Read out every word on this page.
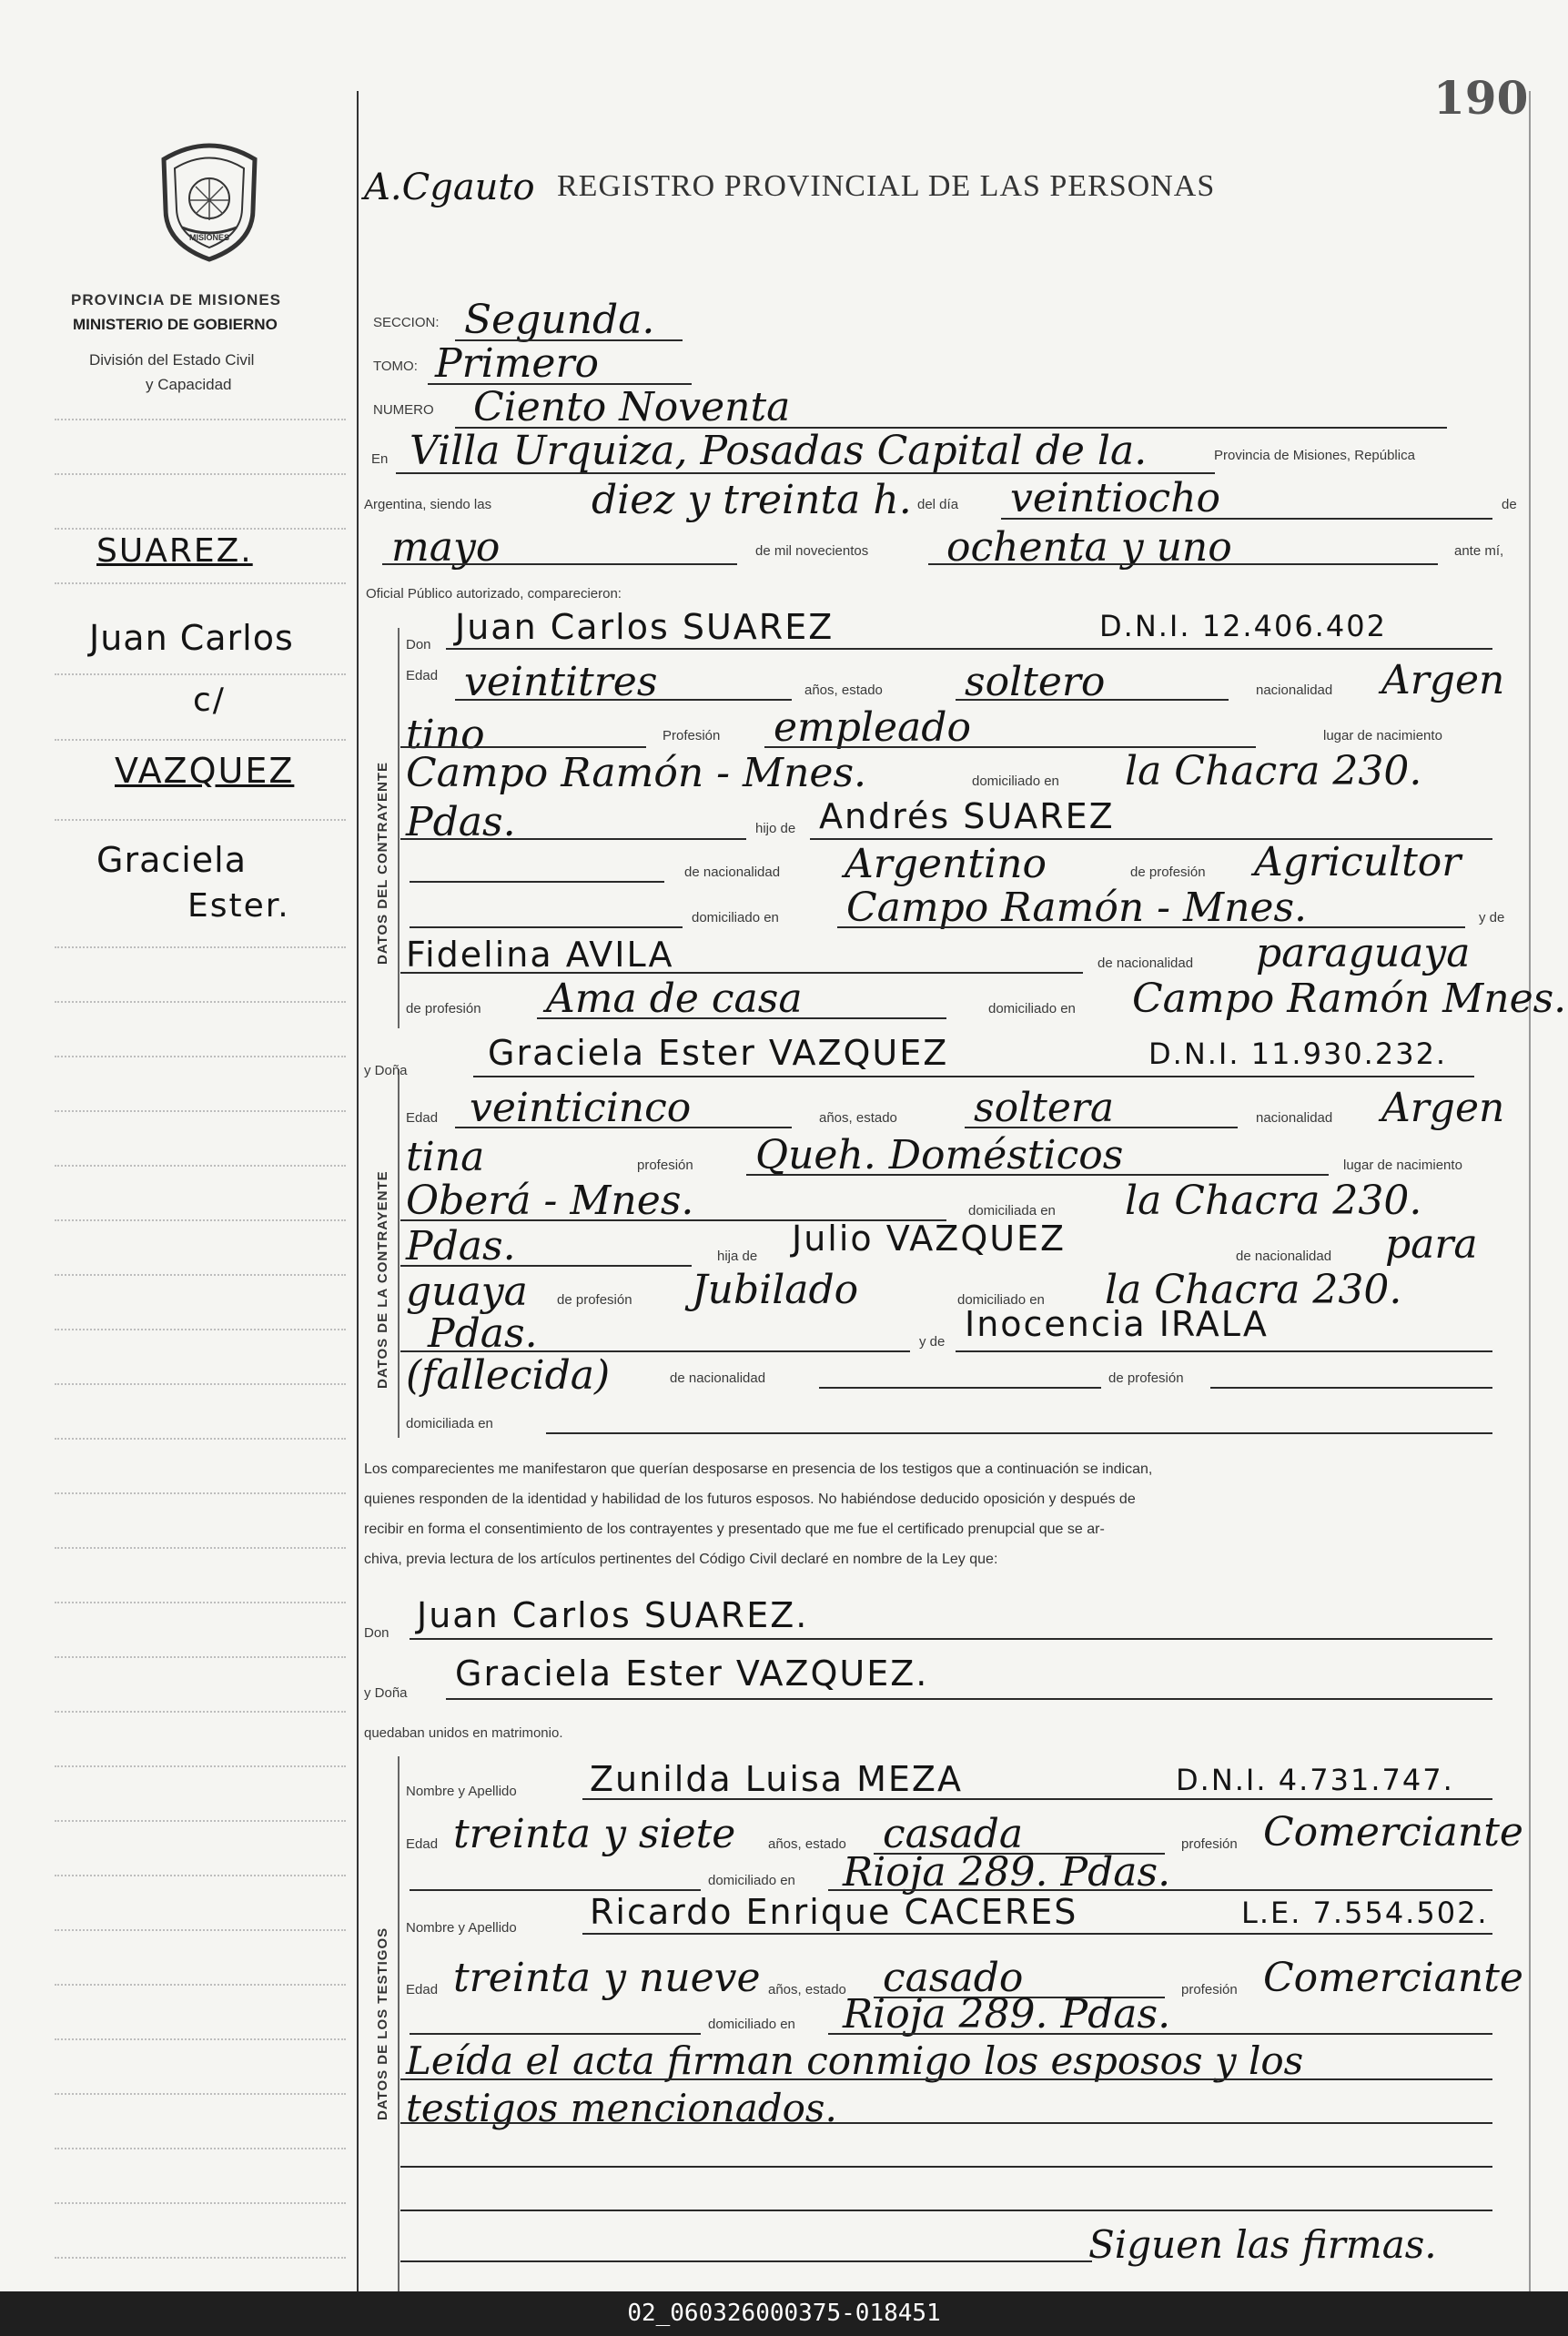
190
MISIONES
PROVINCIA DE MISIONES
MINISTERIO DE GOBIERNO
División del Estado Civil
y Capacidad
SUAREZ.
Juan Carlos
c/
VAZQUEZ
Graciela
Ester.
A.Cgauto REGISTRO PROVINCIAL DE LAS PERSONAS
SECCION: Segunda.
TOMO: Primero
NUMERO Ciento Noventa
En Villa Urquiza, Posadas Capital de la.	Provincia de Misiones, República
Argentina, siendo las diez y treinta h. del día veintiocho	de
mayo	de mil novecientos ochenta y uno	ante mí,
Oficial Público autorizado, comparecieron:
DATOS DEL CONTRAYENTE
Don Juan Carlos SUAREZ	D.N.I. 12.406.402
Edad veintitres	años, estado soltero	nacionalidad Argen
tino	Profesión empleado	lugar de nacimiento
Campo Ramón - Mnes.	domiciliado en la Chacra 230.
Pdas.	hijo de Andrés SUAREZ
de nacionalidad Argentino	de profesión Agricultor
domiciliado en Campo Ramón - Mnes.	y de
Fidelina AVILA	de nacionalidad paraguaya
de profesión Ama de casa	domiciliado en Campo Ramón Mnes.
DATOS DE LA CONTRAYENTE
y Doña Graciela Ester VAZQUEZ	D.N.I. 11.930.232.
Edad veinticinco	años, estado soltera	nacionalidad Argen
tina	profesión Queh. Domésticos	lugar de nacimiento
Oberá - Mnes.	domiciliada en la Chacra 230.
Pdas.	hija de Julio VAZQUEZ	de nacionalidad para
guaya de profesión Jubilado	domiciliado en la Chacra 230.
Pdas.	y de Inocencia IRALA
(fallecida)	de nacionalidad	de profesión
domiciliada en
Los comparecientes me manifestaron que querían desposarse en presencia de los testigos que a continuación se indican,
quienes responden de la identidad y habilidad de los futuros esposos. No habiéndose deducido oposición y después de
recibir en forma el consentimiento de los contrayentes y presentado que me fue el certificado prenupcial que se ar-
chiva, previa lectura de los artículos pertinentes del Código Civil declaré en nombre de la Ley que:
Don Juan Carlos SUAREZ.
y Doña Graciela Ester VAZQUEZ.
quedaban unidos en matrimonio.
DATOS DE LOS TESTIGOS
Nombre y Apellido Zunilda Luisa MEZA	D.N.I. 4.731.747.
Edad treinta y siete años, estado casada	profesión Comerciante
domiciliado en Rioja 289. Pdas.
Nombre y Apellido Ricardo Enrique CACERES	L.E. 7.554.502.
Edad treinta y nueve años, estado casado	profesión Comerciante
domiciliado en Rioja 289. Pdas.
Leída el acta firman conmigo los esposos y los
testigos mencionados.
Siguen las firmas.
02_060326000375-018451
